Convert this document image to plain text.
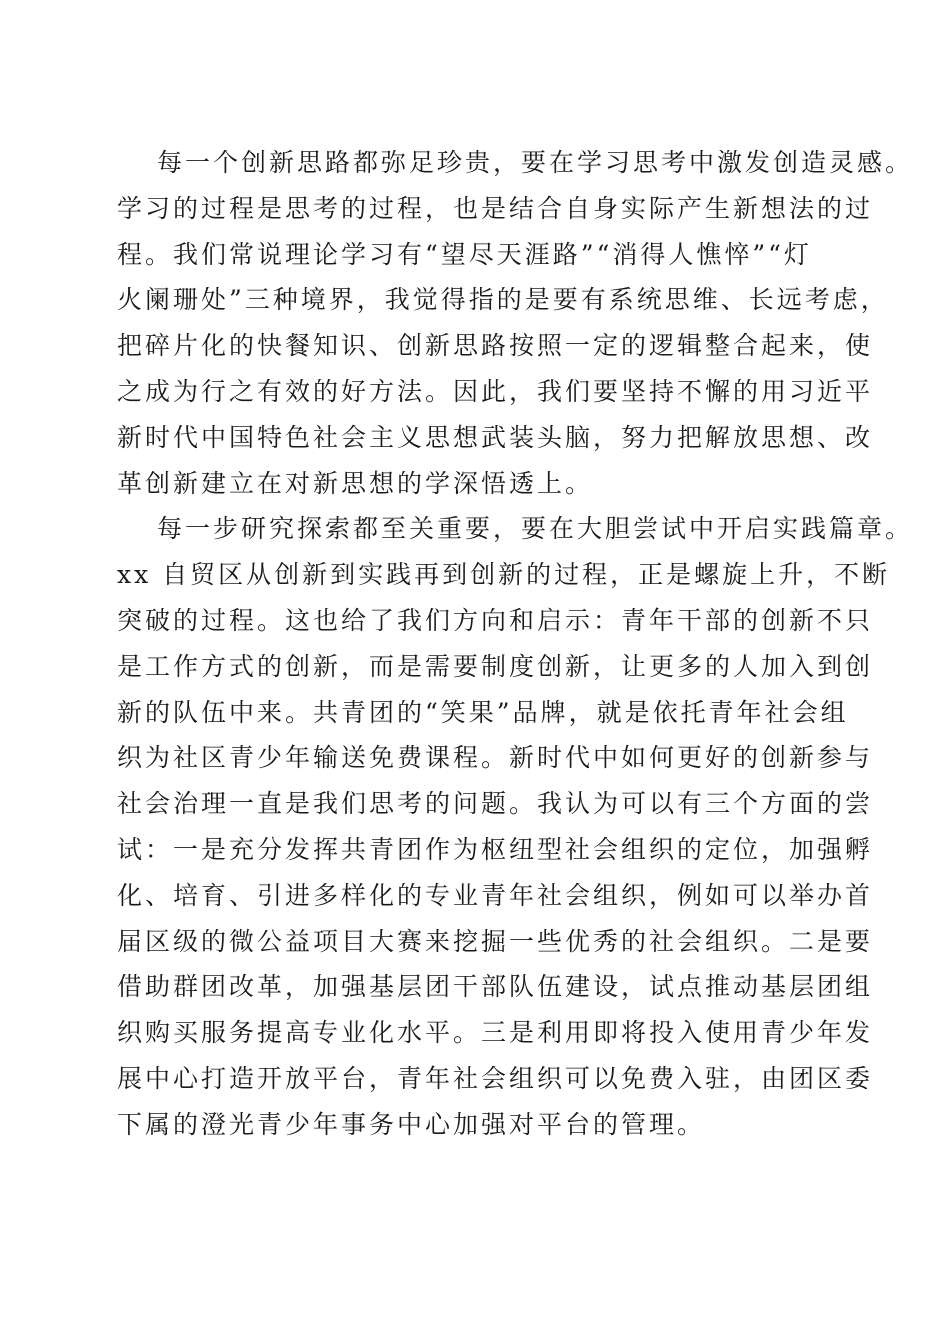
每一个创新思路都弥足珍贵，要在学习思考中激发创造灵感。
学习的过程是思考的过程，也是结合自身实际产生新想法的过
程。我们常说理论学习有“望尽天涯路”“消得人憔悴”“灯
火阑珊处”三种境界，我觉得指的是要有系统思维、长远考虑，
把碎片化的快餐知识、创新思路按照一定的逻辑整合起来，使
之成为行之有效的好方法。因此，我们要坚持不懈的用习近平
新时代中国特色社会主义思想武装头脑，努力把解放思想、改
革创新建立在对新思想的学深悟透上。
每一步研究探索都至关重要，要在大胆尝试中开启实践篇章。
xx 自贸区从创新到实践再到创新的过程，正是螺旋上升，不断
突破的过程。这也给了我们方向和启示：青年干部的创新不只
是工作方式的创新，而是需要制度创新，让更多的人加入到创
新的队伍中来。共青团的“笑果”品牌，就是依托青年社会组
织为社区青少年输送免费课程。新时代中如何更好的创新参与
社会治理一直是我们思考的问题。我认为可以有三个方面的尝
试：一是充分发挥共青团作为枢纽型社会组织的定位，加强孵
化、培育、引进多样化的专业青年社会组织，例如可以举办首
届区级的微公益项目大赛来挖掘一些优秀的社会组织。二是要
借助群团改革，加强基层团干部队伍建设，试点推动基层团组
织购买服务提高专业化水平。三是利用即将投入使用青少年发
展中心打造开放平台，青年社会组织可以免费入驻，由团区委
下属的澄光青少年事务中心加强对平台的管理。
